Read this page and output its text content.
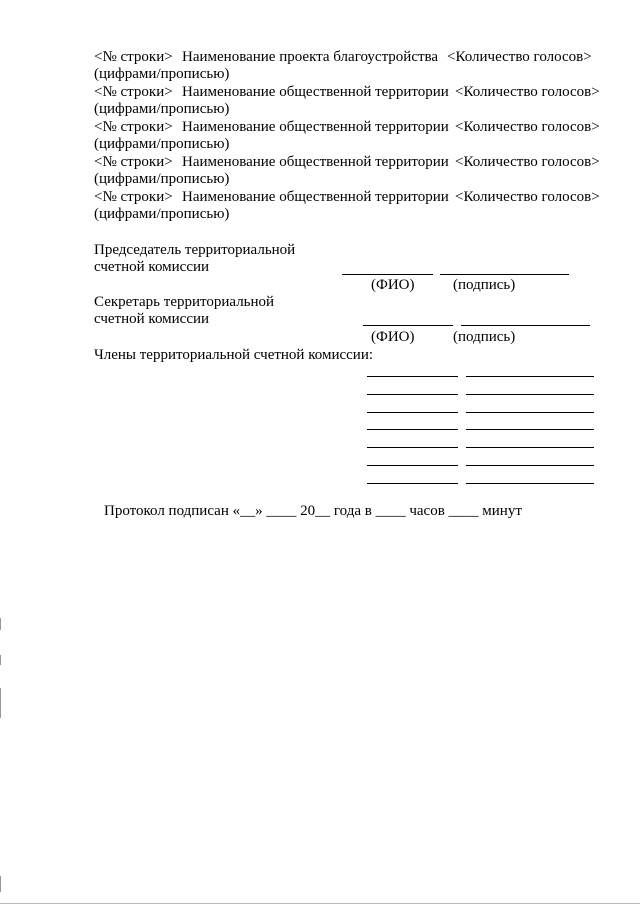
<№ строки> Наименование проекта благоустройства <Количество голосов>
(цифрами/прописью)
<№ строки> Наименование общественной территории <Количество голосов>
(цифрами/прописью)
<№ строки> Наименование общественной территории <Количество голосов>
(цифрами/прописью)
<№ строки> Наименование общественной территории <Количество голосов>
(цифрами/прописью)
<№ строки> Наименование общественной территории <Количество голосов>
(цифрами/прописью)
Председатель территориальной
счетной комиссии
(ФИО)	(подпись)
Секретарь территориальной
счетной комиссии
(ФИО)	(подпись)
Члены территориальной счетной комиссии:
Протокол подписан «__» ____ 20__ года в ____ часов ____ минут
